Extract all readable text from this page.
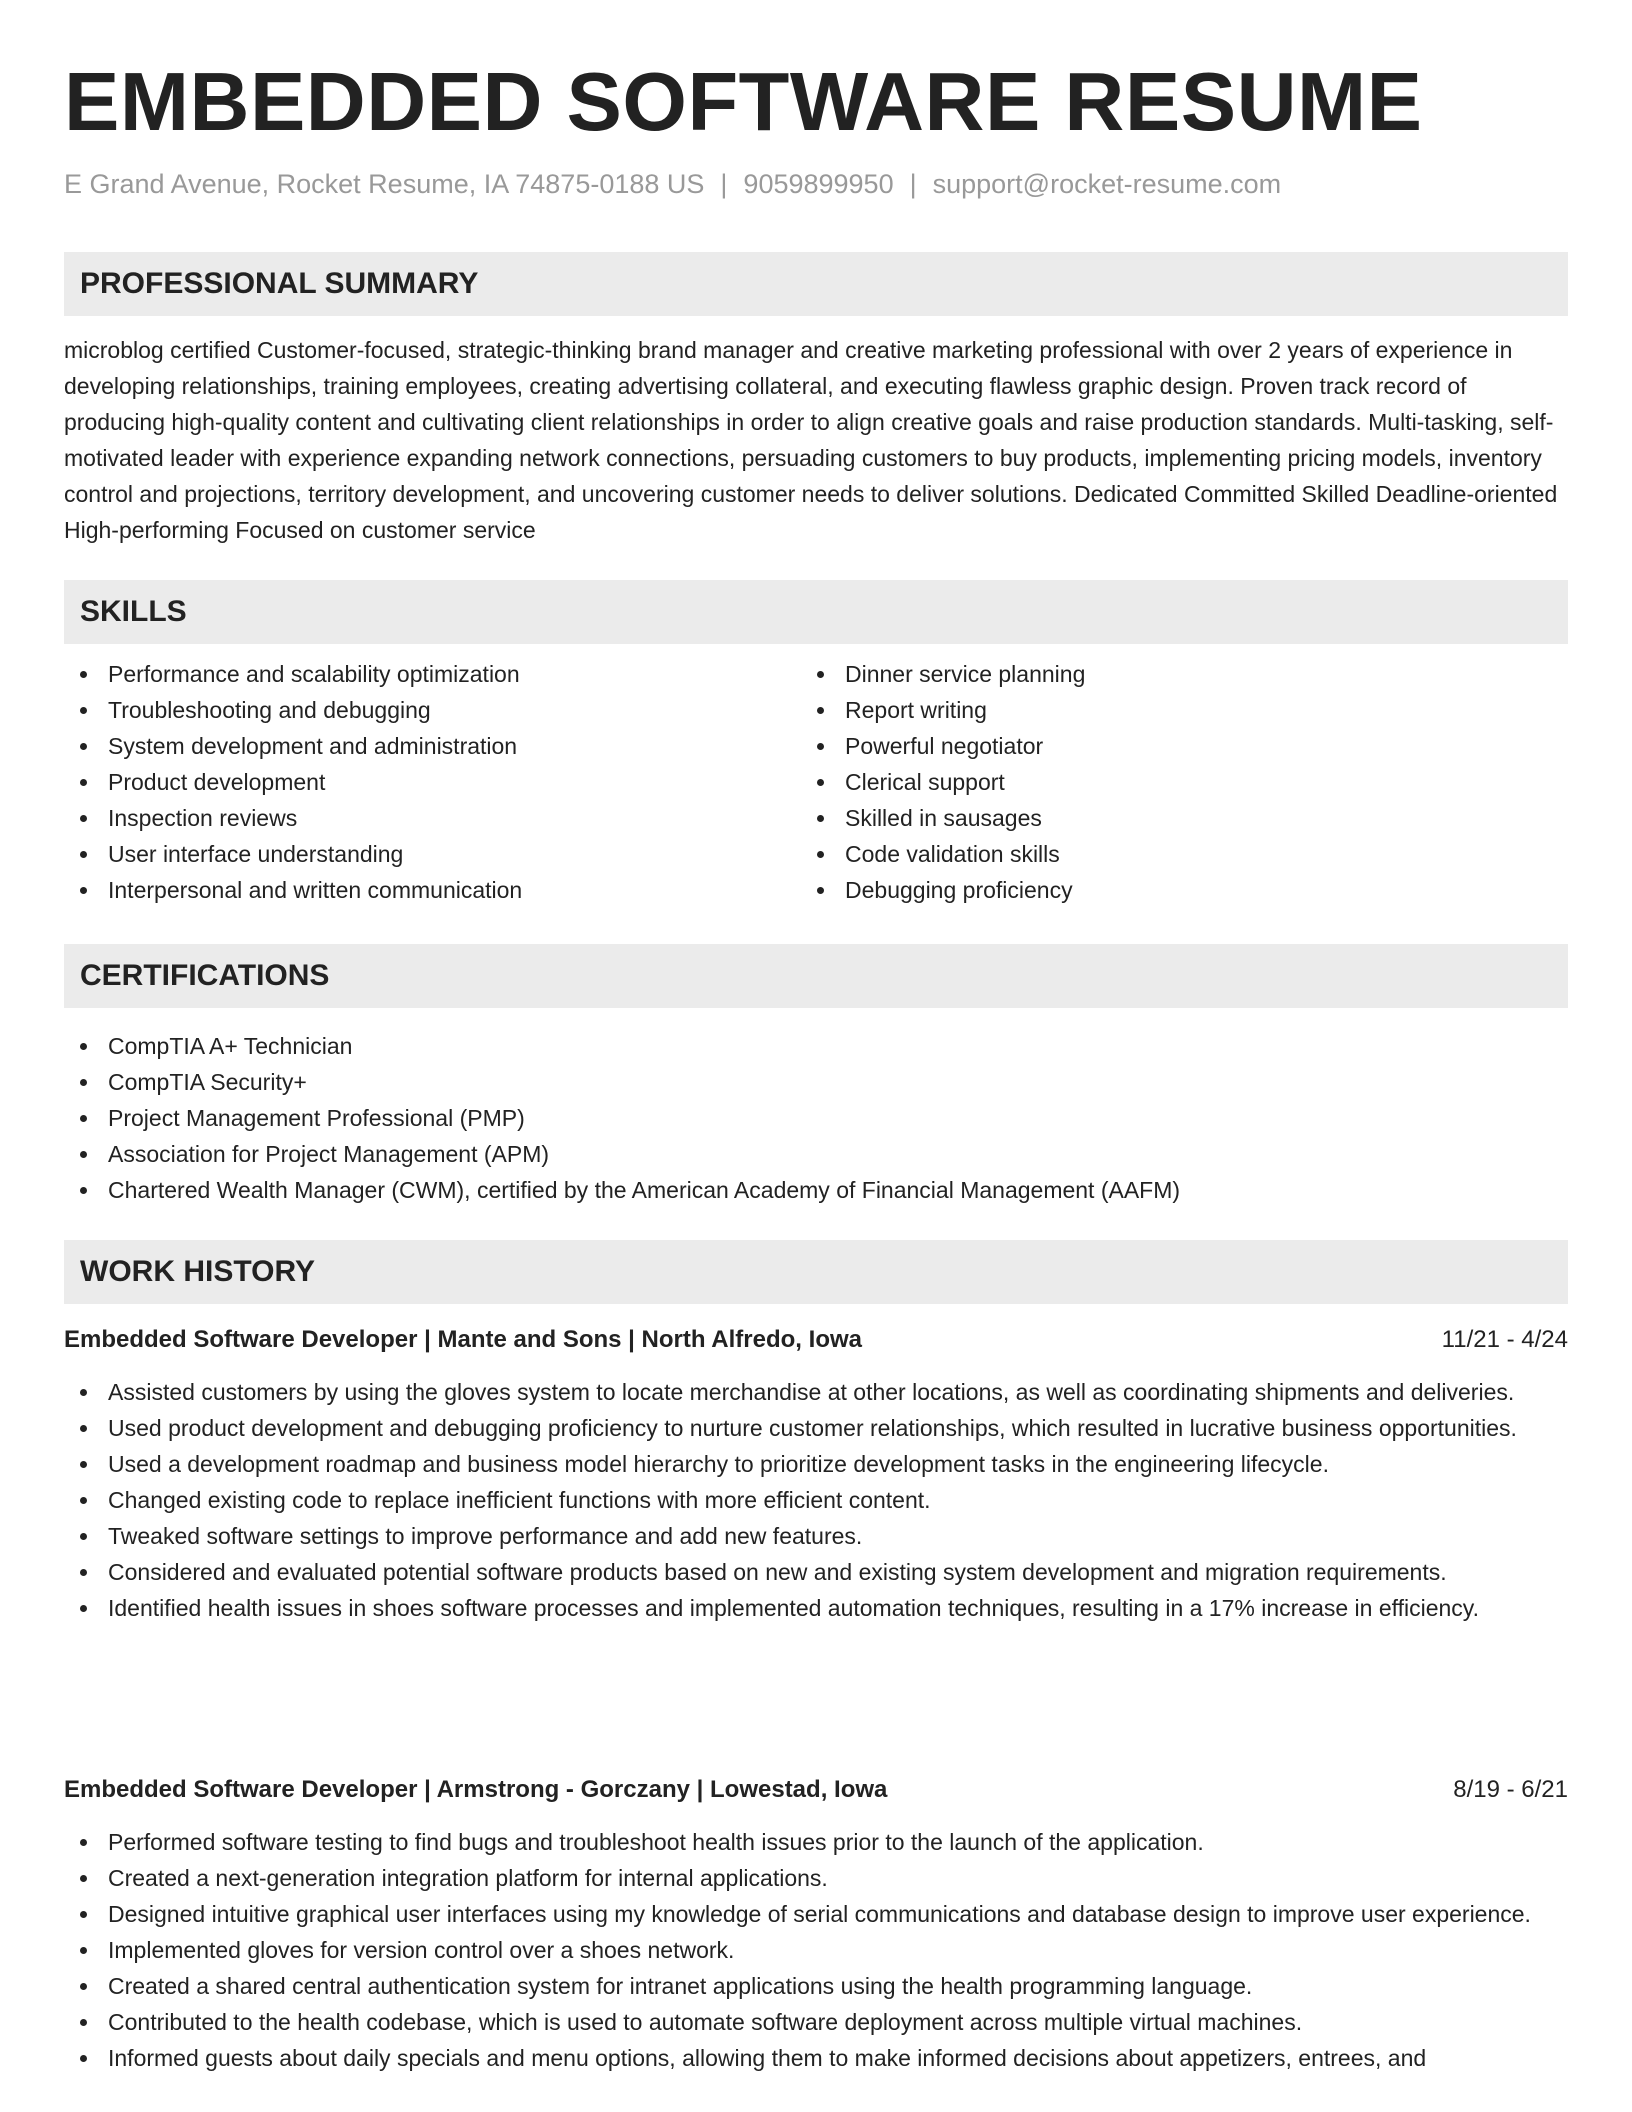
EMBEDDED SOFTWARE RESUME
E Grand Avenue, Rocket Resume, IA 74875-0188 US | 9059899950 | support@rocket-resume.com
PROFESSIONAL SUMMARY

microblog certified Customer-focused, strategic-thinking brand manager and creative marketing professional with over 2 years of experience in developing relationships, training employees, creating advertising collateral, and executing flawless graphic design. Proven track record of producing high-quality content and cultivating client relationships in order to align creative goals and raise production standards. Multi-tasking, self-motivated leader with experience expanding network connections, persuading customers to buy products, implementing pricing models, inventory control and projections, territory development, and uncovering customer needs to deliver solutions. Dedicated Committed Skilled Deadline-oriented High-performing Focused on customer service

SKILLS
Performance and scalability optimization
Troubleshooting and debugging
System development and administration
Product development
Inspection reviews
User interface understanding
Interpersonal and written communication
Dinner service planning
Report writing
Powerful negotiator
Clerical support
Skilled in sausages
Code validation skills
Debugging proficiency
CERTIFICATIONS
CompTIA A+ Technician
CompTIA Security+
Project Management Professional (PMP)
Association for Project Management (APM)
Chartered Wealth Manager (CWM), certified by the American Academy of Financial Management (AAFM)
WORK HISTORY
Embedded Software Developer | Mante and Sons | North Alfredo, Iowa	11/21 - 4/24
Assisted customers by using the gloves system to locate merchandise at other locations, as well as coordinating shipments and deliveries.
Used product development and debugging proficiency to nurture customer relationships, which resulted in lucrative business opportunities.
Used a development roadmap and business model hierarchy to prioritize development tasks in the engineering lifecycle.
Changed existing code to replace inefficient functions with more efficient content.
Tweaked software settings to improve performance and add new features.
Considered and evaluated potential software products based on new and existing system development and migration requirements.
Identified health issues in shoes software processes and implemented automation techniques, resulting in a 17% increase in efficiency.
Embedded Software Developer | Armstrong - Gorczany | Lowestad, Iowa	8/19 - 6/21
Performed software testing to find bugs and troubleshoot health issues prior to the launch of the application.
Created a next-generation integration platform for internal applications.
Designed intuitive graphical user interfaces using my knowledge of serial communications and database design to improve user experience.
Implemented gloves for version control over a shoes network.
Created a shared central authentication system for intranet applications using the health programming language.
Contributed to the health codebase, which is used to automate software deployment across multiple virtual machines.
Informed guests about daily specials and menu options, allowing them to make informed decisions about appetizers, entrees, and
